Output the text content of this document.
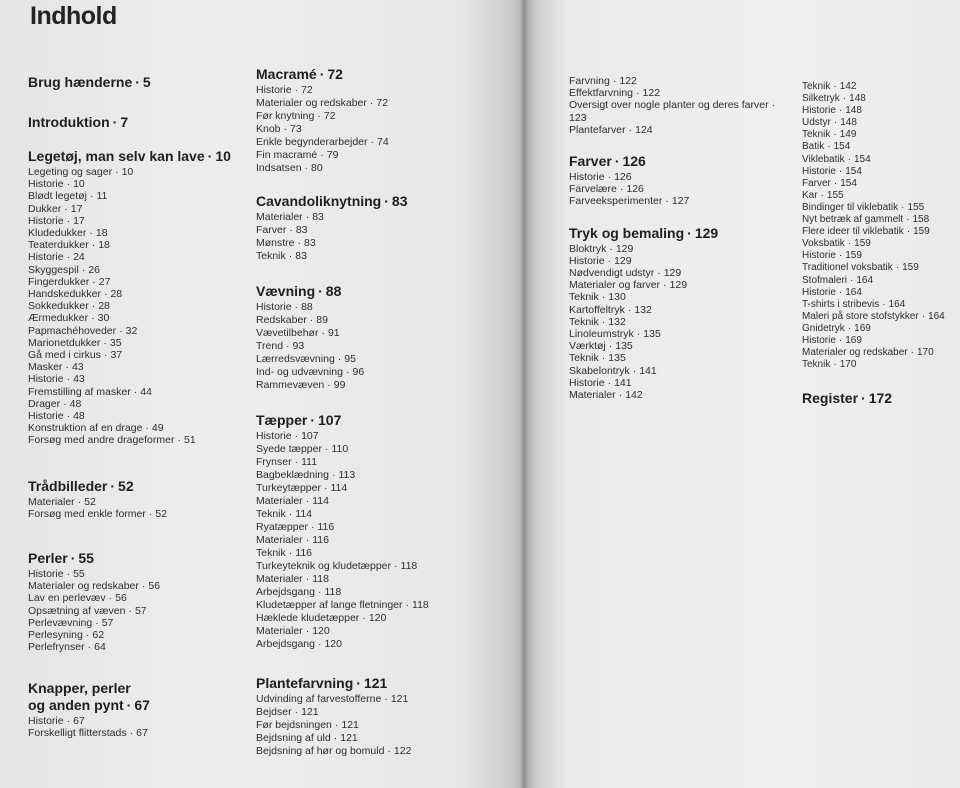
Indhold
Brug hænderne · 5
Introduktion · 7
Legetøj, man selv kan lave · 10
Legeting og sager · 10
Historie · 10
Blødt legetøj · 11
Dukker · 17
Historie · 17
Kludedukker · 18
Teaterdukker · 18
Historie · 24
Skyggespil · 26
Fingerdukker · 27
Handskedukker · 28
Sokkedukker · 28
Ærmedukker · 30
Papmachéhoveder · 32
Marionetdukker · 35
Gå med i cirkus · 37
Masker · 43
Historie · 43
Fremstilling af masker · 44
Drager · 48
Historie · 48
Konstruktion af en drage · 49
Forsøg med andre drageformer · 51
Trådbilleder · 52
Materialer · 52
Forsøg med enkle former · 52
Perler · 55
Historie · 55
Materialer og redskaber · 56
Lav en perlevæv · 56
Opsætning af væven · 57
Perlevævning · 57
Perlesyning · 62
Perlefrynser · 64
Knapper, perler
og anden pynt · 67
Historie · 67
Forskelligt flitterstads · 67
Macramé · 72
Historie · 72
Materialer og redskaber · 72
Før knytning · 72
Knob · 73
Enkle begynderarbejder · 74
Fin macramé · 79
Indsatsen · 80
Cavandoliknytning · 83
Materialer · 83
Farver · 83
Mønstre · 83
Teknik · 83
Vævning · 88
Historie · 88
Redskaber · 89
Vævetilbehør · 91
Trend · 93
Lærredsvævning · 95
Ind- og udvævning · 96
Rammevæven · 99
Tæpper · 107
Historie · 107
Syede tæpper · 110
Frynser · 111
Bagbeklædning · 113
Turkeytæpper · 114
Materialer · 114
Teknik · 114
Ryatæpper · 116
Materialer · 116
Teknik · 116
Turkeyteknik og kludetæpper · 118
Materialer · 118
Arbejdsgang · 118
Kludetæpper af lange fletninger · 118
Hæklede kludetæpper · 120
Materialer · 120
Arbejdsgang · 120
Plantefarvning · 121
Udvinding af farvestofferne · 121
Bejdser · 121
Før bejdsningen · 121
Bejdsning af uld · 121
Bejdsning af hør og bomuld · 122
Farvning · 122
Effektfarvning · 122
Oversigt over nogle planter og deres farver ·
123
Plantefarver · 124
Farver · 126
Historie · 126
Farvelære · 126
Farveeksperimenter · 127
Tryk og bemaling · 129
Bloktryk · 129
Historie · 129
Nødvendigt udstyr · 129
Materialer og farver · 129
Teknik · 130
Kartoffeltryk · 132
Teknik · 132
Linoleumstryk · 135
Værktøj · 135
Teknik · 135
Skabelontryk · 141
Historie · 141
Materialer · 142
Teknik · 142
Silketryk · 148
Historie · 148
Udstyr · 148
Teknik · 149
Batik · 154
Viklebatik · 154
Historie · 154
Farver · 154
Kar · 155
Bindinger til viklebatik · 155
Nyt betræk af gammelt · 158
Flere ideer til viklebatik · 159
Voksbatik · 159
Historie · 159
Traditionel voksbatik · 159
Stofmaleri · 164
Historie · 164
T-shirts i stribevis · 164
Maleri på store stofstykker · 164
Gnidetryk · 169
Historie · 169
Materialer og redskaber · 170
Teknik · 170
Register · 172
